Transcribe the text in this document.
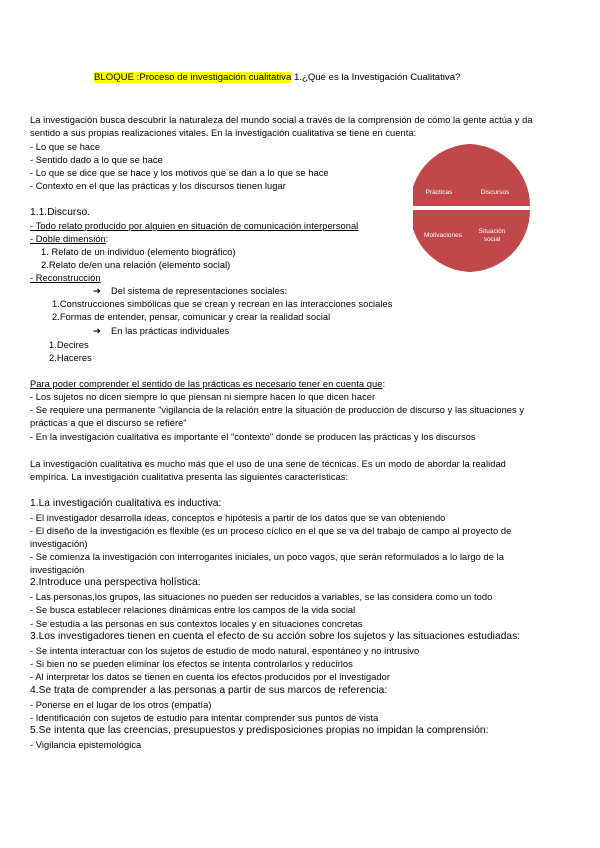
BLOQUE :Proceso de investigación cualitativa 1.¿Qué es la Investigación Cualitativa?
La investigación busca descubrir la naturaleza del mundo social a través de la comprensión de cómo la gente actúa y da
sentido a sus propias realizaciones vitales. En la investigación cualitativa se tiene en cuenta:
- Lo que se hace
- Sentido dado a lo que se hace
- Lo que se dice que se hace y los motivos que se dan a lo que se hace
- Contexto en el que las prácticas y los discursos tienen lugar
Prácticas	Discursos
Motivaciones
Situación
social
1.1.Discurso.
- Todo relato producido por alguien en situación de comunicación interpersonal
- Doble dimensión:
1. Relato de un individuo (elemento biográfico)
2.Relato de/en una relación (elemento social)
- Reconstrucción
➔ Del sistema de representaciones sociales:
1.Construcciones simbólicas que se crean y recrean en las interacciones sociales
2.Formas de entender, pensar, comunicar y crear la realidad social
➔ En las prácticas individuales
1.Decires
2.Haceres
Para poder comprender el sentido de las prácticas es necesario tener en cuenta que:
- Los sujetos no dicen siempre lo que piensan ni siempre hacen lo que dicen hacer
- Se requiere una permanente "vigilancia de la relación entre la situación de producción de discurso y las situaciones y
prácticas a que el discurso se refiere"
- En la investigación cualitativa es importante el "contexto" donde se producen las prácticas y los discursos
La investigación cualitativa es mucho más que el uso de una serie de técnicas. Es un modo de abordar la realidad
empírica. La investigación cualitativa presenta las siguientes características:
1.La investigación cualitativa es inductiva:
- El investigador desarrolla ideas, conceptos e hipótesis a partir de los datos que se van obteniendo
- El diseño de la investigación es flexible (es un proceso cíclico en el que se va del trabajo de campo al proyecto de
investigación)
- Se comienza la investigación con interrogantes iniciales, un poco vagos, que serán reformulados a lo largo de la
investigación
2.Introduce una perspectiva holística:
- Las personas,los grupos, las situaciones no pueden ser reducidos a variables, se las considera como un todo
- Se busca establecer relaciones dinámicas entre los campos de la vida social
- Se estudia a las personas en sus contextos locales y en situaciones concretas
3.Los investigadores tienen en cuenta el efecto de su acción sobre los sujetos y las situaciones estudiadas:
- Se intenta interactuar con los sujetos de estudio de modo natural, espontáneo y no intrusivo
- Si bien no se pueden eliminar los efectos se intenta controlarlos y reducirlos
- Al interpretar los datos se tienen en cuenta los efectos producidos por el investigador
4.Se trata de comprender a las personas a partir de sus marcos de referencia:
- Ponerse en el lugar de los otros (empatía)
- Identificación con sujetos de estudio para intentar comprender sus puntos de vista
5.Se intenta que las creencias, presupuestos y predisposiciones propias no impidan la comprensión:
- Vigilancia epistemológica
